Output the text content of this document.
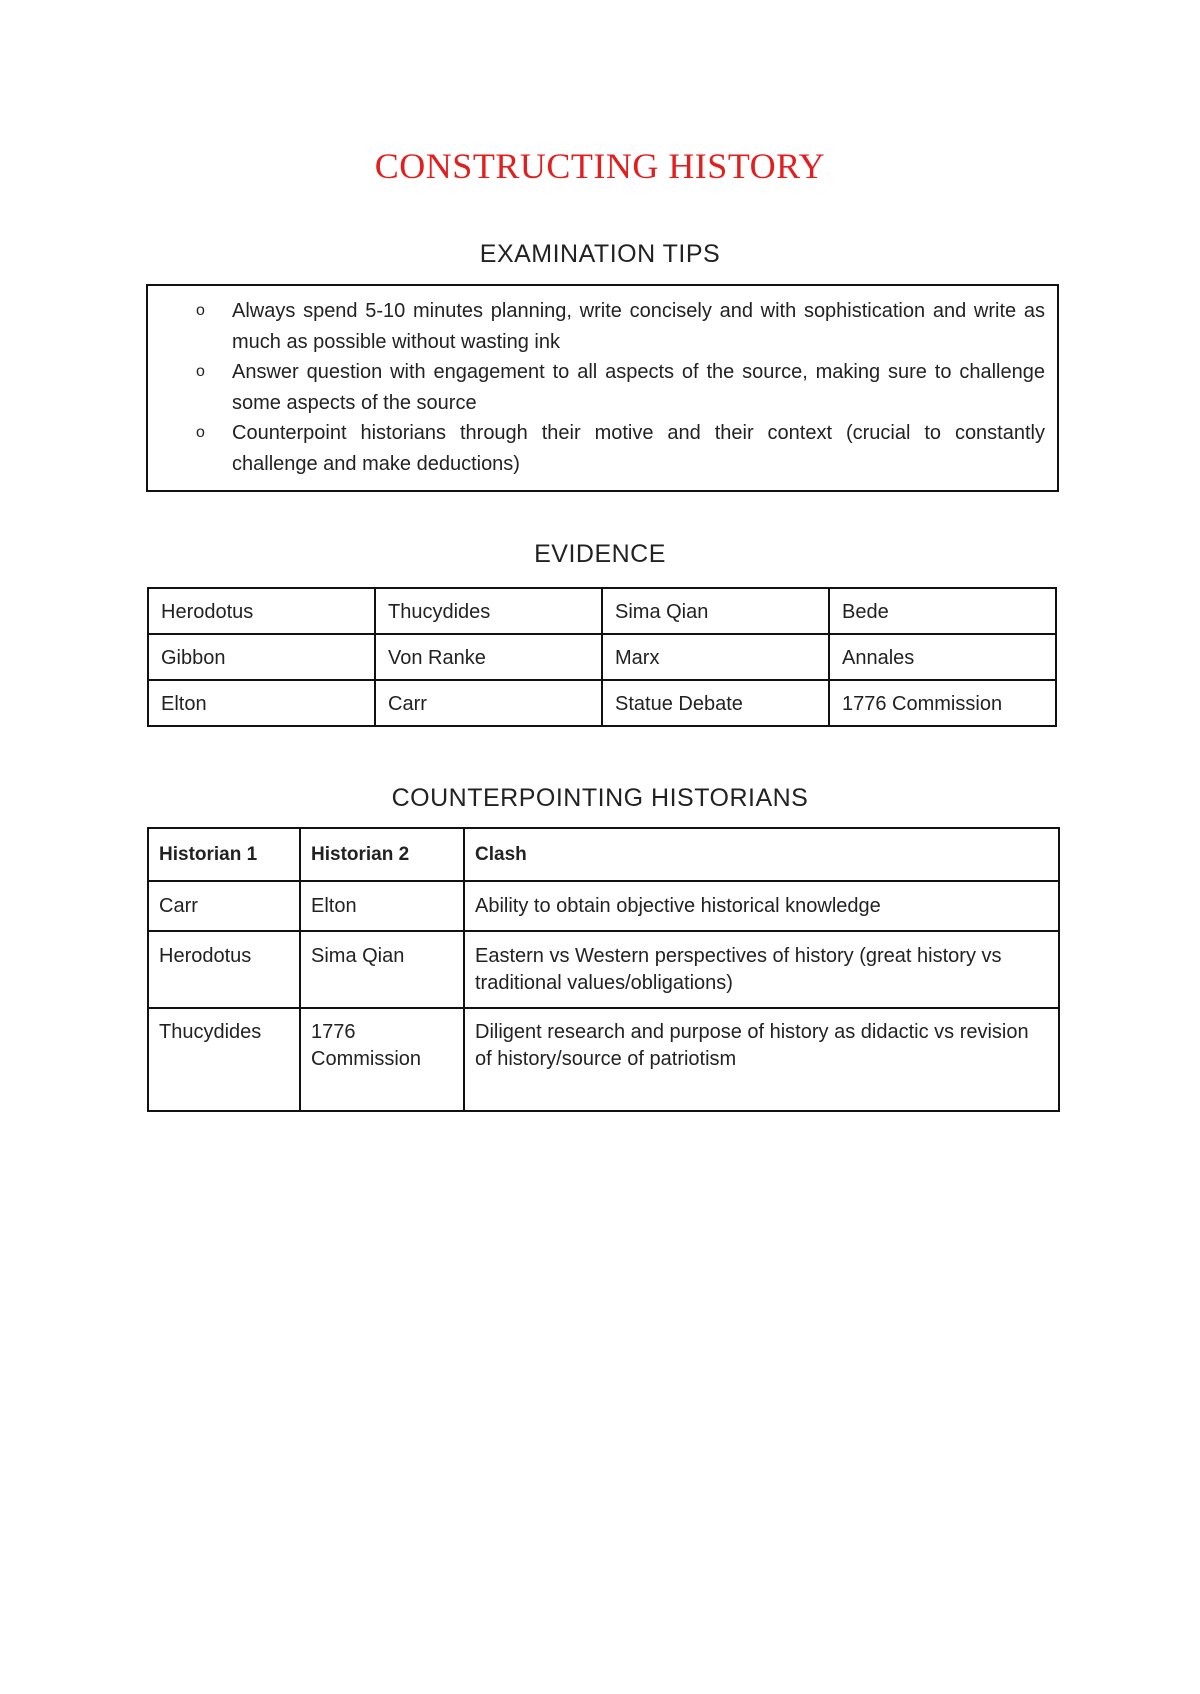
CONSTRUCTING HISTORY
EXAMINATION TIPS
o Always spend 5-10 minutes planning, write concisely and with sophistication and write as much as possible without wasting ink
o Answer question with engagement to all aspects of the source, making sure to challenge some aspects of the source
o Counterpoint historians through their motive and their context (crucial to constantly challenge and make deductions)
EVIDENCE
Herodotus	Thucydides	Sima Qian	Bede
Gibbon	Von Ranke	Marx	Annales
Elton	Carr	Statue Debate	1776 Commission
COUNTERPOINTING HISTORIANS
Historian 1	Historian 2	Clash
Carr	Elton	Ability to obtain objective historical knowledge
Herodotus	Sima Qian	Eastern vs Western perspectives of history (great history vs traditional values/obligations)
Thucydides	1776 Commission	Diligent research and purpose of history as didactic vs revision of history/source of patriotism
